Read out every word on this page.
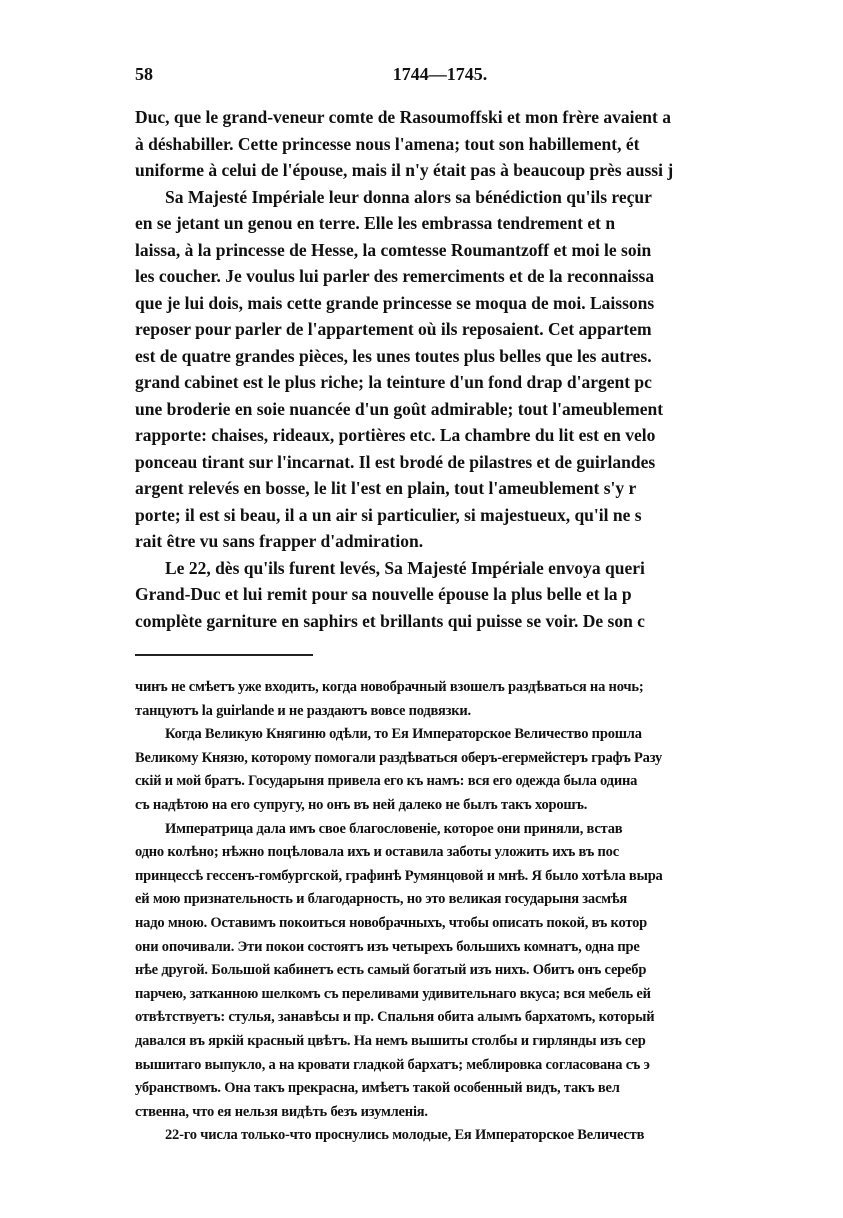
58	1744—1745.
Duc, que le grand-veneur comte de Rasoumoffski et mon frère avaient a
à déshabiller. Cette princesse nous l'amena; tout son habillement, ét
uniforme à celui de l'épouse, mais il n'y était pas à beaucoup près aussi j
Sa Majesté Impériale leur donna alors sa bénédiction qu'ils reçur
en se jetant un genou en terre. Elle les embrassa tendrement et n
laissa, à la princesse de Hesse, la comtesse Roumantzoff et moi le soin
les coucher. Je voulus lui parler des remerciments et de la reconnaissa
que je lui dois, mais cette grande princesse se moqua de moi. Laissons
reposer pour parler de l'appartement où ils reposaient. Cet appartem
est de quatre grandes pièces, les unes toutes plus belles que les autres.
grand cabinet est le plus riche; la teinture d'un fond drap d'argent pc
une broderie en soie nuancée d'un goût admirable; tout l'ameublement
rapporte: chaises, rideaux, portières etc. La chambre du lit est en velo
ponceau tirant sur l'incarnat. Il est brodé de pilastres et de guirlandes
argent relevés en bosse, le lit l'est en plain, tout l'ameublement s'y r
porte; il est si beau, il a un air si particulier, si majestueux, qu'il ne s
rait être vu sans frapper d'admiration.
Le 22, dès qu'ils furent levés, Sa Majesté Impériale envoya queri
Grand-Duc et lui remit pour sa nouvelle épouse la plus belle et la p
complète garniture en saphirs et brillants qui puisse se voir. De son c
чинъ не смѣетъ уже входить, когда новобрачный взошелъ раздѣваться на ночь;
танцуютъ la guirlande и не раздаютъ вовсе подвязки.
Когда Великую Княгиню одѣли, то Ея Императорское Величество прошла
Великому Князю, которому помогали раздѣваться оберъ-егермейстеръ графъ Разу
скій и мой братъ. Государыня привела его къ намъ: вся его одежда была одина
съ надѣтою на его супругу, но онъ въ ней далеко не былъ такъ хорошъ.
Императрица дала имъ свое благословеніе, которое они приняли, встав
одно колѣно; нѣжно поцѣловала ихъ и оставила заботы уложить ихъ въ пос
принцессѣ гессенъ-гомбургской, графинѣ Румянцовой и мнѣ. Я было хотѣла выра
ей мою признательность и благодарность, но это великая государыня засмѣя
надо мною. Оставимъ покоиться новобрачныхъ, чтобы описать покой, въ котор
они опочивали. Эти покои состоятъ изъ четырехъ большихъ комнатъ, одна пре
нѣе другой. Большой кабинетъ есть самый богатый изъ нихъ. Обитъ онъ серебр
парчею, затканною шелкомъ съ переливами удивительнаго вкуса; вся мебель ей
отвѣтствуетъ: стулья, занавѣсы и пр. Спальня обита алымъ бархатомъ, который
давался въ яркій красный цвѣтъ. На немъ вышиты столбы и гирлянды изъ сер
вышитаго выпукло, а на кровати гладкой бархатъ; меблировка согласована съ э
убранствомъ. Она такъ прекрасна, имѣетъ такой особенный видъ, такъ вел
ственна, что ея нельзя видѣть безъ изумленія.
22-го числа только-что проснулись молодые, Ея Императорское Величеств
